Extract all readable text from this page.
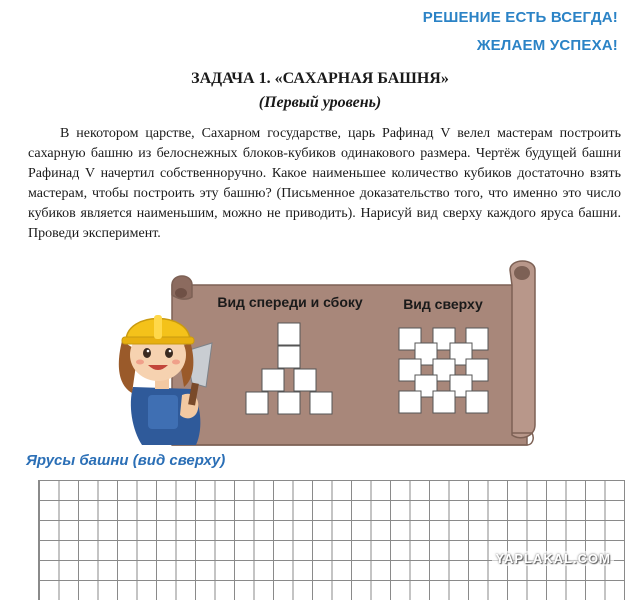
РЕШЕНИЕ ЕСТЬ ВСЕГДА!
ЖЕЛАЕМ УСПЕХА!
ЗАДАЧА 1. «САХАРНАЯ БАШНЯ»
(Первый уровень)

В некотором царстве, Сахарном государстве, царь Рафинад V велел мастерам построить сахарную башню из белоснежных блоков-кубиков одинакового размера. Чертёж будущей башни Рафинад V начертил собственноручно. Какое наименьшее количество кубиков достаточно взять мастерам, чтобы построить эту башню? (Письменное доказательство того, что именно это число кубиков является наименьшим, можно не приводить). Нарисуй вид сверху каждого яруса башни. Проведи эксперимент.

Вид спереди и сбоку	Вид сверху
Ярусы башни (вид сверху)
YAPLAKAL.COM
